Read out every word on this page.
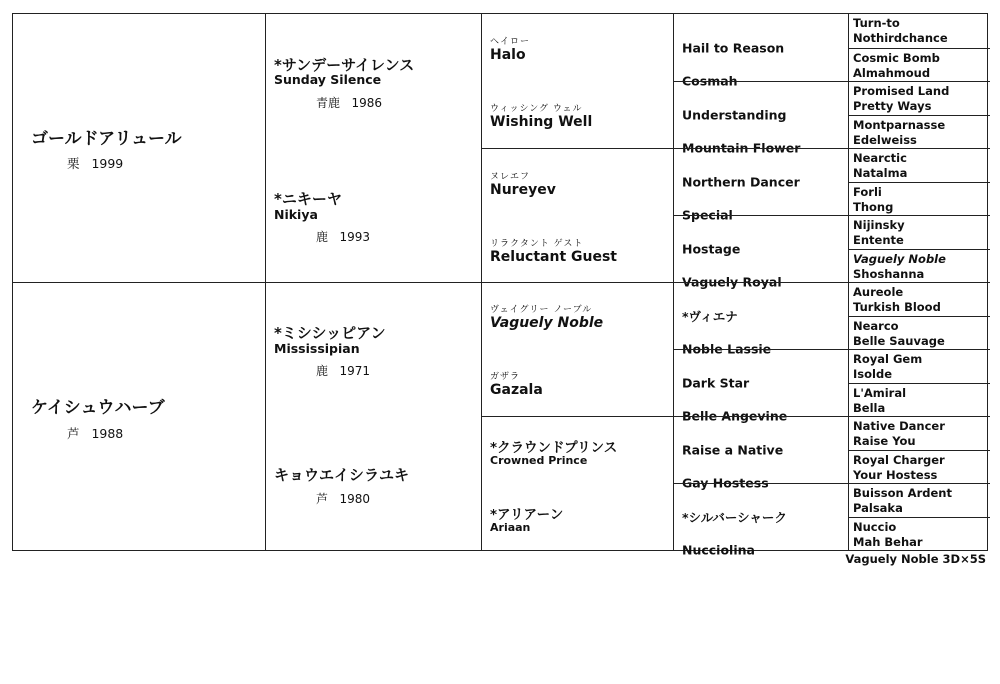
ゴールドアリュール
栗 1999
ケイシュウハーブ
芦 1988
*サンデーサイレンス
Sunday Silence
青鹿 1986
*ニキーヤ
Nikiya
鹿 1993
*ミシシッピアン
Mississipian
鹿 1971
キョウエイシラユキ
芦 1980
ヘイロー
Halo
ウィッシング ウェル
Wishing Well
ヌレエフ
Nureyev
リラクタント ゲスト
Reluctant Guest
ヴェイグリー ノーブル
Vaguely Noble
ガザラ
Gazala
*クラウンドプリンス
Crowned Prince
*アリアーン
Ariaan
Hail to Reason
Cosmah
Understanding
Mountain Flower
Northern Dancer
Special
Hostage
Vaguely Royal
*ヴィエナ
Noble Lassie
Dark Star
Belle Angevine
Raise a Native
Gay Hostess
*シルバーシャーク
Nucciolina
Turn-to
Nothirdchance
Cosmic Bomb
Almahmoud
Promised Land
Pretty Ways
Montparnasse
Edelweiss
Nearctic
Natalma
Forli
Thong
Nijinsky
Entente
Vaguely Noble
Shoshanna
Aureole
Turkish Blood
Nearco
Belle Sauvage
Royal Gem
Isolde
L'Amiral
Bella
Native Dancer
Raise You
Royal Charger
Your Hostess
Buisson Ardent
Palsaka
Nuccio
Mah Behar
Vaguely Noble 3D×5S
